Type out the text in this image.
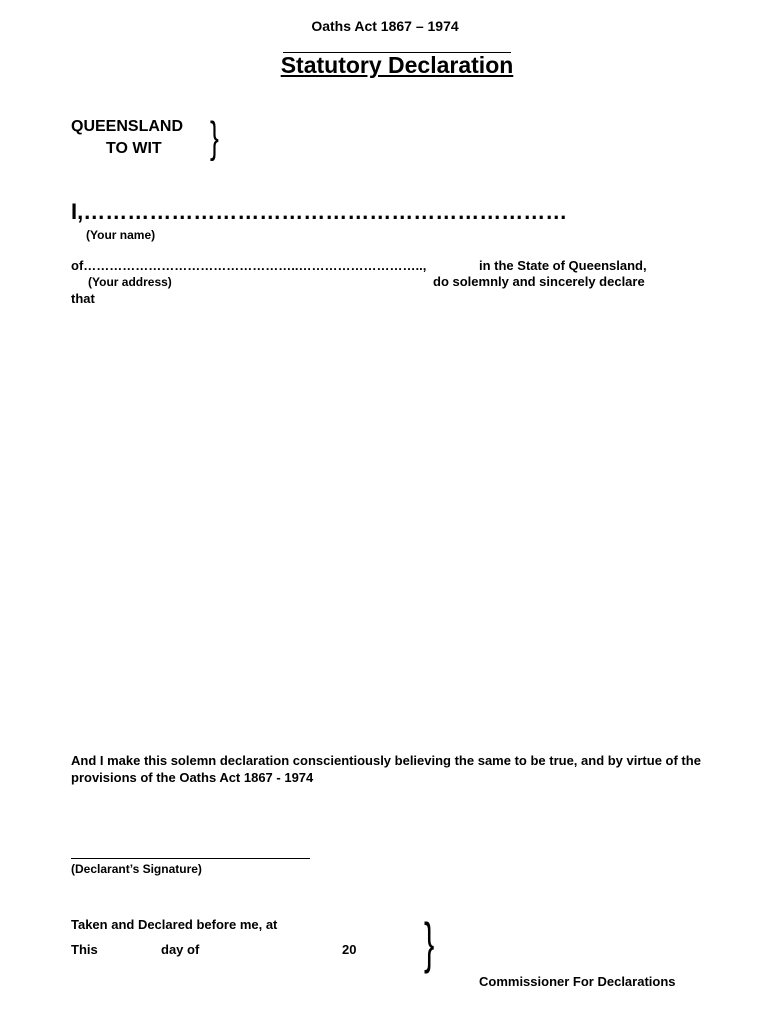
Oaths Act 1867 – 1974
Statutory Declaration
QUEENSLAND
TO WIT }
I,…………………………………………………………
(Your name)
of…………………………………………..………………………..,	in the State of Queensland,
(Your address)	do solemnly and sincerely declare
that
And I make this solemn declaration conscientiously believing the same to be true, and by virtue of the provisions of the Oaths Act 1867 - 1974
(Declarant’s Signature)
Taken and Declared before me, at
This	day of	20 }
Commissioner For Declarations
